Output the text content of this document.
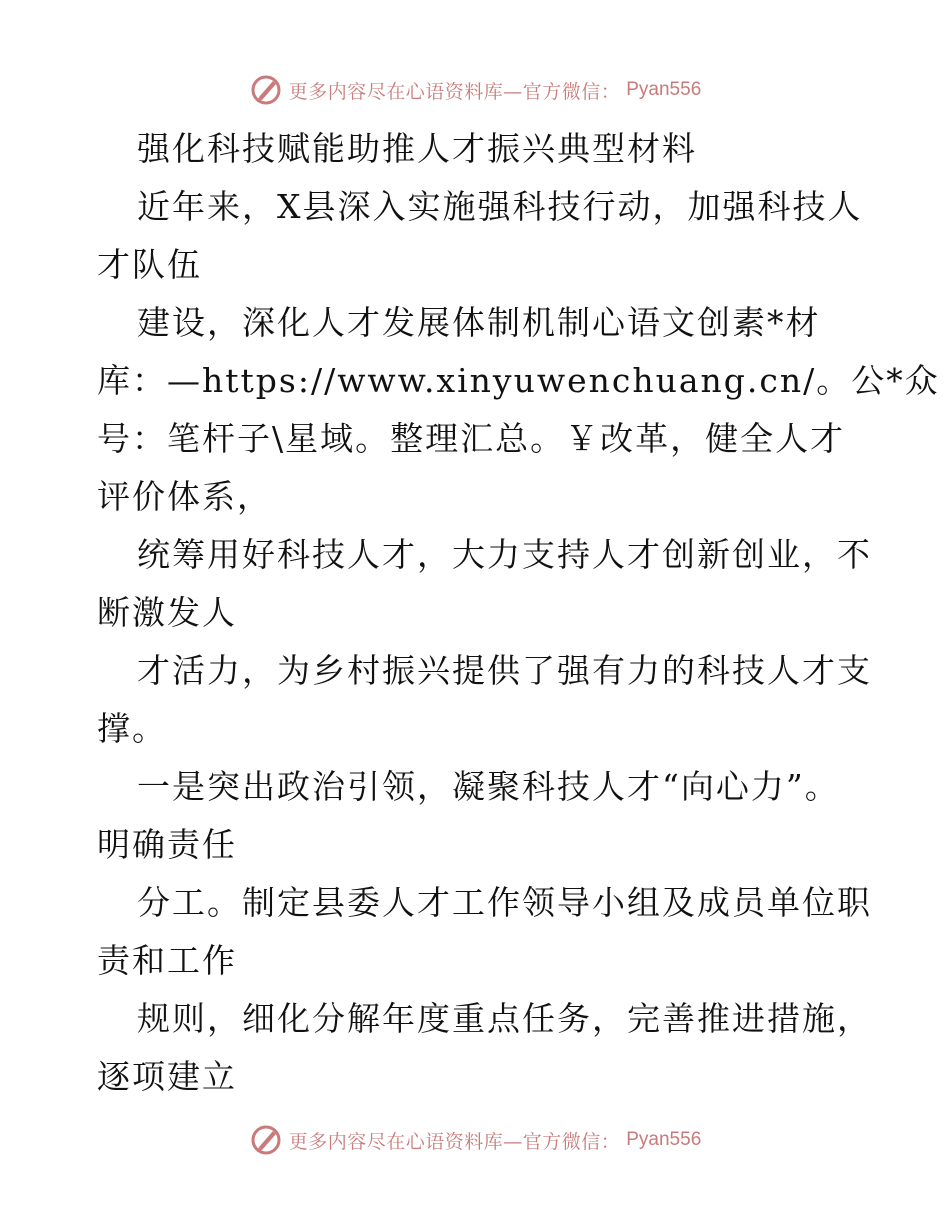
更多内容尽在心语资料库—官方微信： Pyan556
强化科技赋能助推人才振兴典型材料
近年来，X县深入实施强科技行动，加强科技人
才队伍
建设，深化人才发展体制机制心语文创素*材
库：—https://www.xinyuwenchuang.cn/。公*众
号：笔杆子\星域。整理汇总。￥改革，健全人才
评价体系，
统筹用好科技人才，大力支持人才创新创业，不
断激发人
才活力，为乡村振兴提供了强有力的科技人才支
撑。
一是突出政治引领，凝聚科技人才“向心力”。
明确责任
分工。制定县委人才工作领导小组及成员单位职
责和工作
规则，细化分解年度重点任务，完善推进措施，
逐项建立
更多内容尽在心语资料库—官方微信： Pyan556
